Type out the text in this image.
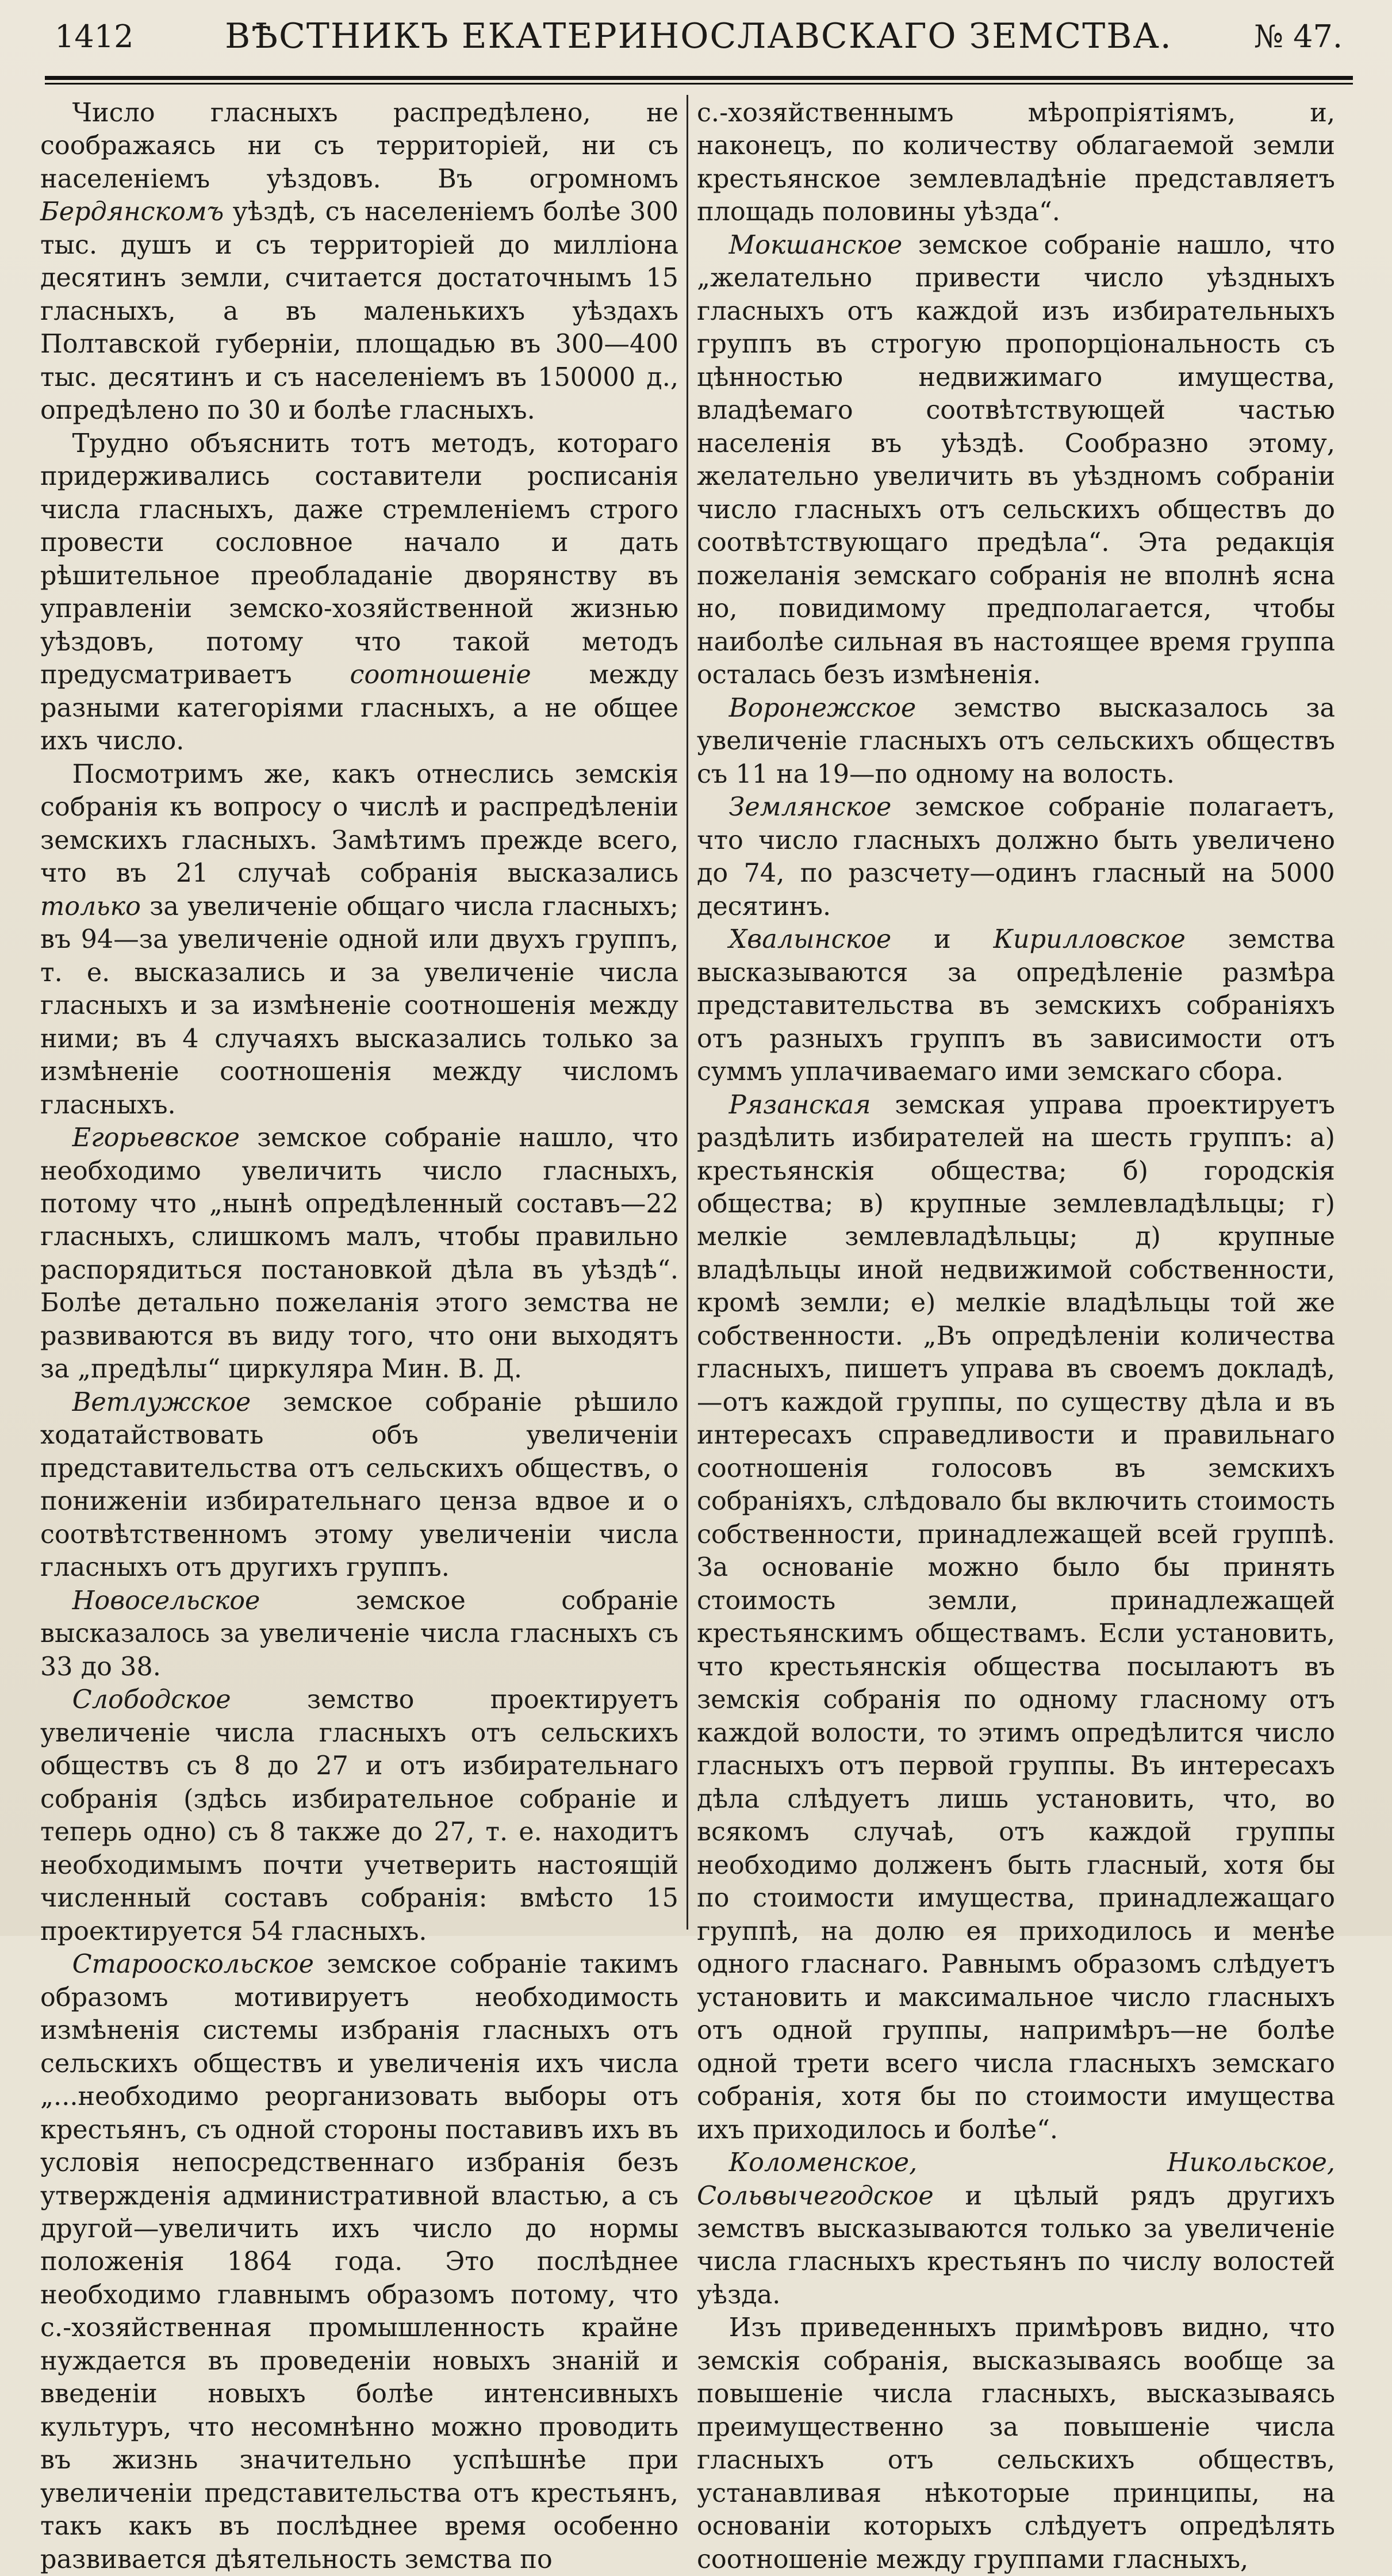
1412	ВѢСТНИКЪ ЕКАТЕРИНОСЛАВСКАГО ЗЕМСТВА.	№ 47.

Число гласныхъ распредѣлено, не соображаясь ни съ территоріей, ни съ населеніемъ уѣздовъ. Въ огромномъ Бердянскомъ уѣздѣ, съ населеніемъ болѣе 300 тыс. душъ и съ территоріей до милліона десятинъ земли, считается достаточнымъ 15 гласныхъ, а въ маленькихъ уѣздахъ Полтавской губерніи, площадью въ 300—400 тыс. десятинъ и съ населеніемъ въ 150000 д., опредѣлено по 30 и болѣе гласныхъ.

Трудно объяснить тотъ методъ, котораго придерживались составители росписанія числа гласныхъ, даже стремленіемъ строго провести сословное начало и дать рѣшительное преобладаніе дворянству въ управленіи земско-хозяйственной жизнью уѣздовъ, потому что такой методъ предусматриваетъ соотношеніе между разными категоріями гласныхъ, а не общее ихъ число.

Посмотримъ же, какъ отнеслись земскія собранія къ вопросу о числѣ и распредѣленіи земскихъ гласныхъ. Замѣтимъ прежде всего, что въ 21 случаѣ собранія высказались только за увеличеніе общаго числа гласныхъ; въ 94—за увеличеніе одной или двухъ группъ, т. е. высказались и за увеличеніе числа гласныхъ и за измѣненіе соотношенія между ними; въ 4 случаяхъ высказались только за измѣненіе соотношенія между числомъ гласныхъ.

Егорьевское земское собраніе нашло, что необходимо увеличить число гласныхъ, потому что „нынѣ опредѣленный составъ—22 гласныхъ, слишкомъ малъ, чтобы правильно распорядиться постановкой дѣла въ уѣздѣ“. Болѣе детально пожеланія этого земства не развиваются въ виду того, что они выходятъ за „предѣлы“ циркуляра Мин. В. Д.

Ветлужское земское собраніе рѣшило ходатайствовать объ увеличеніи представительства отъ сельскихъ обществъ, о пониженіи избирательнаго ценза вдвое и о соотвѣтственномъ этому увеличеніи числа гласныхъ отъ другихъ группъ.

Новосельское земское собраніе высказалось за увеличеніе числа гласныхъ съ 33 до 38.

Слободское земство проектируетъ увеличеніе числа гласныхъ отъ сельскихъ обществъ съ 8 до 27 и отъ избирательнаго собранія (здѣсь избирательное собраніе и теперь одно) съ 8 также до 27, т. е. находитъ необходимымъ почти учетверить настоящій численный составъ собранія: вмѣсто 15 проектируется 54 гласныхъ.

Старооскольское земское собраніе такимъ образомъ мотивируетъ необходимость измѣненія системы избранія гласныхъ отъ сельскихъ обществъ и увеличенія ихъ числа „...необходимо реорганизовать выборы отъ крестьянъ, съ одной стороны поставивъ ихъ въ условія непосредственнаго избранія безъ утвержденія административной властью, а съ другой—увеличить ихъ число до нормы положенія 1864 года. Это послѣднее необходимо главнымъ образомъ потому, что с.-хозяйственная промышленность крайне нуждается въ проведеніи новыхъ знаній и введеніи новыхъ болѣе интенсивныхъ культуръ, что несомнѣнно можно проводить въ жизнь значительно успѣшнѣе при увеличеніи представительства отъ крестьянъ, такъ какъ въ послѣднее время особенно развивается дѣятельность земства по

с.-хозяйственнымъ мѣропріятіямъ, и, наконецъ, по количеству облагаемой земли крестьянское землевладѣніе представляетъ площадь половины уѣзда“.

Мокшанское земское собраніе нашло, что „желательно привести число уѣздныхъ гласныхъ отъ каждой изъ избирательныхъ группъ въ строгую пропорціональность съ цѣнностью недвижимаго имущества, владѣемаго соотвѣтствующей частью населенія въ уѣздѣ. Сообразно этому, желательно увеличить въ уѣздномъ собраніи число гласныхъ отъ сельскихъ обществъ до соотвѣтствующаго предѣла“. Эта редакція пожеланія земскаго собранія не вполнѣ ясна но, повидимому предполагается, чтобы наиболѣе сильная въ настоящее время группа осталась безъ измѣненія.

Воронежское земство высказалось за увеличеніе гласныхъ отъ сельскихъ обществъ съ 11 на 19—по одному на волость.

Землянское земское собраніе полагаетъ, что число гласныхъ должно быть увеличено до 74, по разсчету—одинъ гласный на 5000 десятинъ.

Хвалынское и Кирилловское земства высказываются за опредѣленіе размѣра представительства въ земскихъ собраніяхъ отъ разныхъ группъ въ зависимости отъ суммъ уплачиваемаго ими земскаго сбора.

Рязанская земская управа проектируетъ раздѣлить избирателей на шесть группъ: а) крестьянскія общества; б) городскія общества; в) крупные землевладѣльцы; г) мелкіе землевладѣльцы; д) крупные владѣльцы иной недвижимой собственности, кромѣ земли; е) мелкіе владѣльцы той же собственности. „Въ опредѣленіи количества гласныхъ, пишетъ управа въ своемъ докладѣ,—отъ каждой группы, по существу дѣла и въ интересахъ справедливости и правильнаго соотношенія голосовъ въ земскихъ собраніяхъ, слѣдовало бы включить стоимость собственности, принадлежащей всей группѣ. За основаніе можно было бы принять стоимость земли, принадлежащей крестьянскимъ обществамъ. Если установить, что крестьянскія общества посылаютъ въ земскія собранія по одному гласному отъ каждой волости, то этимъ опредѣлится число гласныхъ отъ первой группы. Въ интересахъ дѣла слѣдуетъ лишь установить, что, во всякомъ случаѣ, отъ каждой группы необходимо долженъ быть гласный, хотя бы по стоимости имущества, принадлежащаго группѣ, на долю ея приходилось и менѣе одного гласнаго. Равнымъ образомъ слѣдуетъ установить и максимальное число гласныхъ отъ одной группы, напримѣръ—не болѣе одной трети всего числа гласныхъ земскаго собранія, хотя бы по стоимости имущества ихъ приходилось и болѣе“.

Коломенское, Никольское, Сольвычегодское и цѣлый рядъ другихъ земствъ высказываются только за увеличеніе числа гласныхъ крестьянъ по числу волостей уѣзда.

Изъ приведенныхъ примѣровъ видно, что земскія собранія, высказываясь вообще за повышеніе числа гласныхъ, высказываясь преимущественно за повышеніе числа гласныхъ отъ сельскихъ обществъ, устанавливая нѣкоторые принципы, на основаніи которыхъ слѣдуетъ опредѣлять соотношеніе между группами гласныхъ,
